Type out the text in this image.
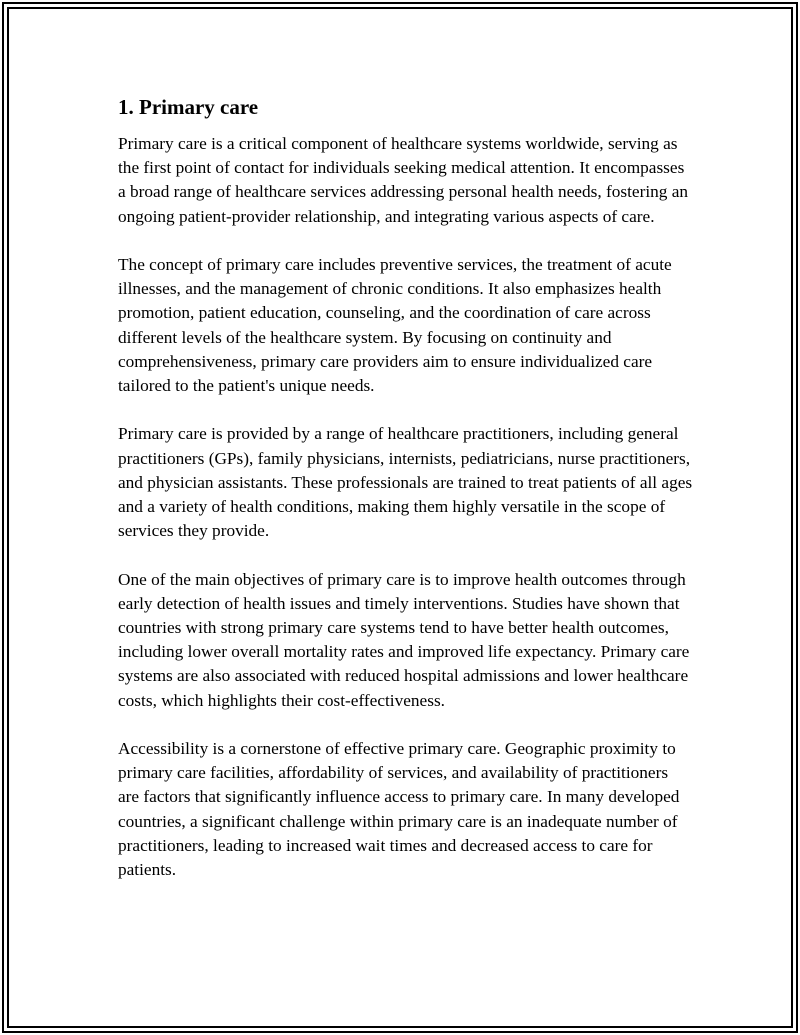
1. Primary care

Primary care is a critical component of healthcare systems worldwide, serving as the first point of contact for individuals seeking medical attention. It encompasses a broad range of healthcare services addressing personal health needs, fostering an ongoing patient-provider relationship, and integrating various aspects of care.

The concept of primary care includes preventive services, the treatment of acute illnesses, and the management of chronic conditions. It also emphasizes health promotion, patient education, counseling, and the coordination of care across different levels of the healthcare system. By focusing on continuity and comprehensiveness, primary care providers aim to ensure individualized care tailored to the patient's unique needs.

Primary care is provided by a range of healthcare practitioners, including general practitioners (GPs), family physicians, internists, pediatricians, nurse practitioners, and physician assistants. These professionals are trained to treat patients of all ages and a variety of health conditions, making them highly versatile in the scope of services they provide.

One of the main objectives of primary care is to improve health outcomes through early detection of health issues and timely interventions. Studies have shown that countries with strong primary care systems tend to have better health outcomes, including lower overall mortality rates and improved life expectancy. Primary care systems are also associated with reduced hospital admissions and lower healthcare costs, which highlights their cost-effectiveness.

Accessibility is a cornerstone of effective primary care. Geographic proximity to primary care facilities, affordability of services, and availability of practitioners are factors that significantly influence access to primary care. In many developed countries, a significant challenge within primary care is an inadequate number of practitioners, leading to increased wait times and decreased access to care for patients.
